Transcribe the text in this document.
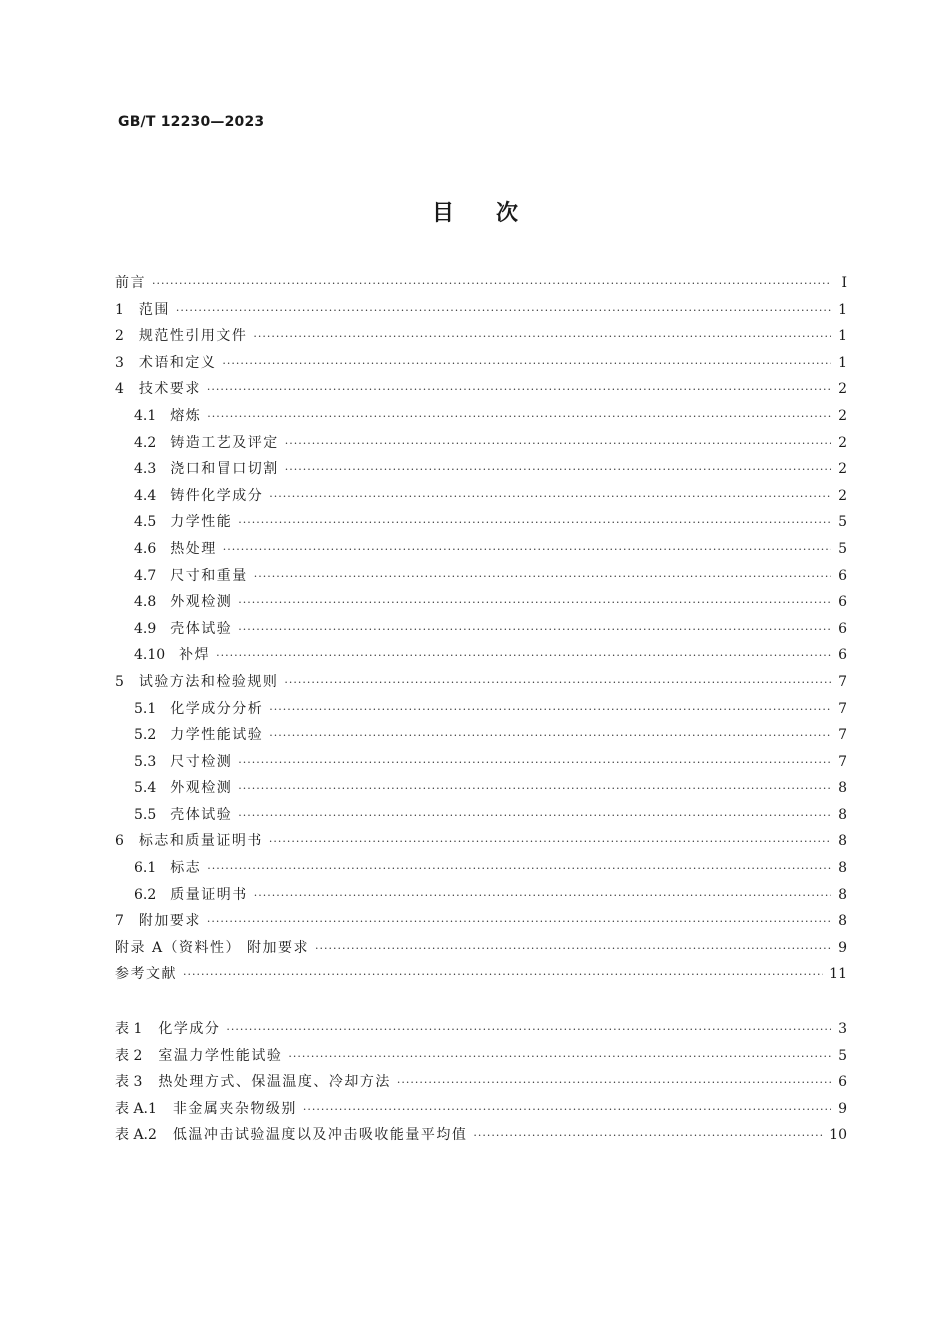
GB/T 12230—2023
目次
前言 ·····	Ⅰ
1 范围 ·····	1
2 规范性引用文件 ·····	1
3 术语和定义 ·····	1
4 技术要求 ·····	2
4.1 熔炼 ·····	2
4.2 铸造工艺及评定 ·····	2
4.3 浇口和冒口切割 ·····	2
4.4 铸件化学成分 ·····	2
4.5 力学性能 ·····	5
4.6 热处理 ·····	5
4.7 尺寸和重量 ·····	6
4.8 外观检测 ·····	6
4.9 壳体试验 ·····	6
4.10 补焊 ·····	6
5 试验方法和检验规则 ·····	7
5.1 化学成分分析 ·····	7
5.2 力学性能试验 ·····	7
5.3 尺寸检测 ·····	7
5.4 外观检测 ·····	8
5.5 壳体试验 ·····	8
6 标志和质量证明书 ·····	8
6.1 标志 ·····	8
6.2 质量证明书 ·····	8
7 附加要求 ·····	8
附录 A（资料性） 附加要求 ·····	9
参考文献 ·····	11
表 1 化学成分 ·····	3
表 2 室温力学性能试验 ·····	5
表 3 热处理方式、保温温度、冷却方法 ·····	6
表 A.1 非金属夹杂物级别 ·····	9
表 A.2 低温冲击试验温度以及冲击吸收能量平均值 ·····	10
